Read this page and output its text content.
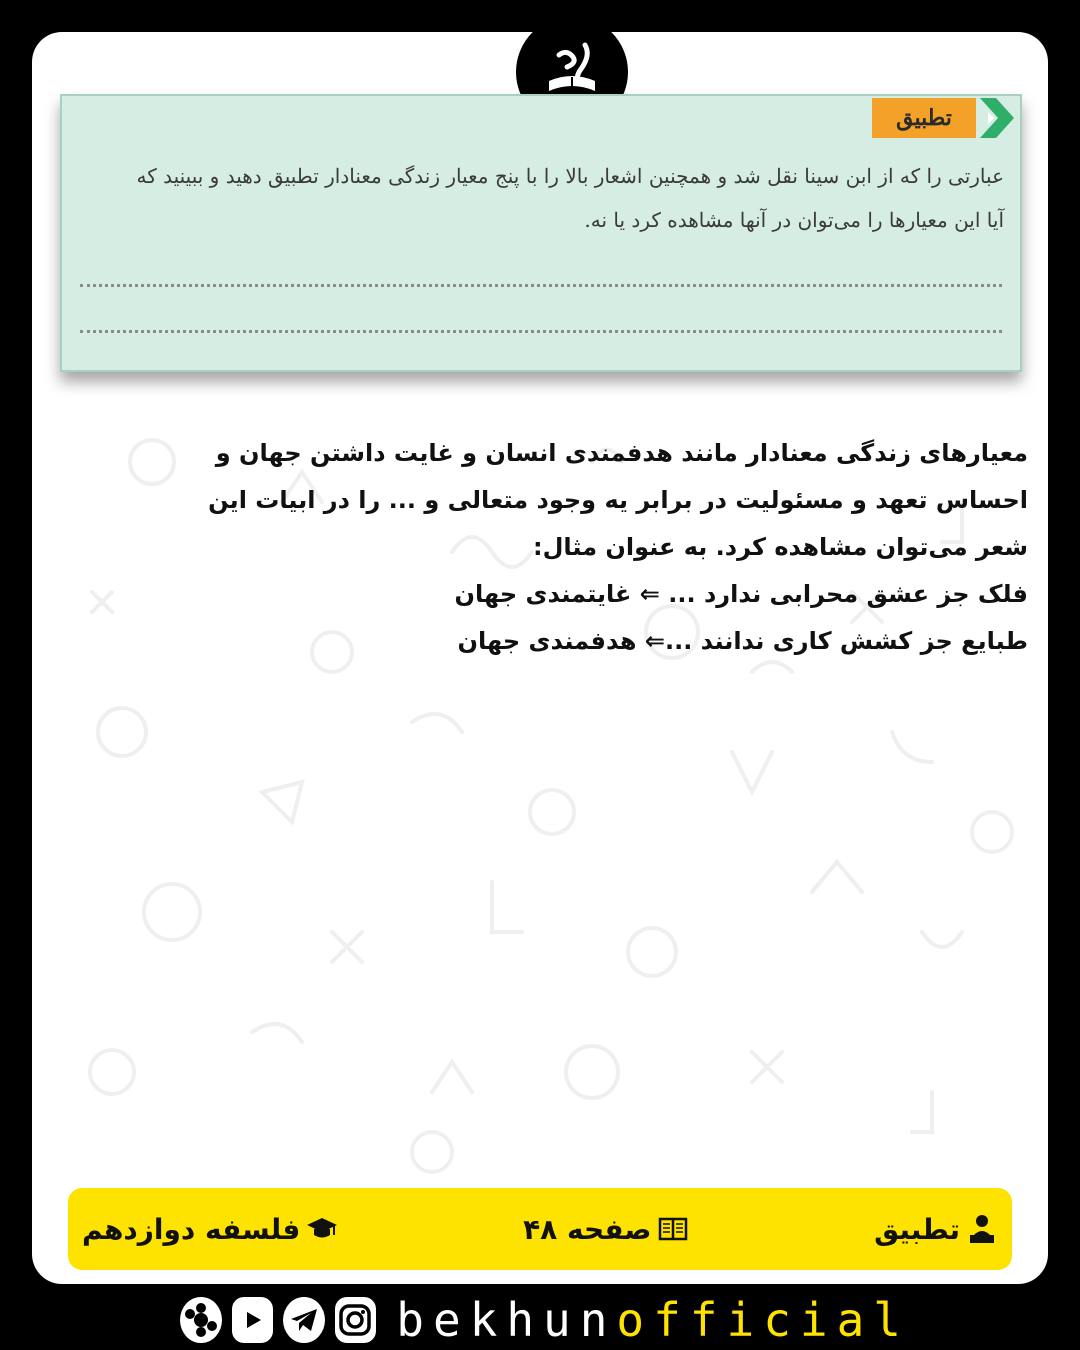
تطبیق
عبارتی را که از ابن سینا نقل شد و همچنین اشعار بالا را با پنج معیار زندگی معنادار تطبیق دهید و ببینید که
آیا این معیارها را می‌توان در آنها مشاهده کرد یا نه.

معیارهای زندگی معنادار مانند هدفمندی انسان و غایت داشتن جهان و

احساس تعهد و مسئولیت در برابر یه وجود متعالی و ... را در ابیات این

شعر می‌توان مشاهده کرد. به عنوان مثال:

فلک جز عشق محرابی ندارد ... ⇐ غایتمندی جهان

طبایع جز کشش کاری ندانند ...⇐ هدفمندی جهان

تطبیق
صفحه ۴۸
فلسفه دوازدهم
bekhunofficial
